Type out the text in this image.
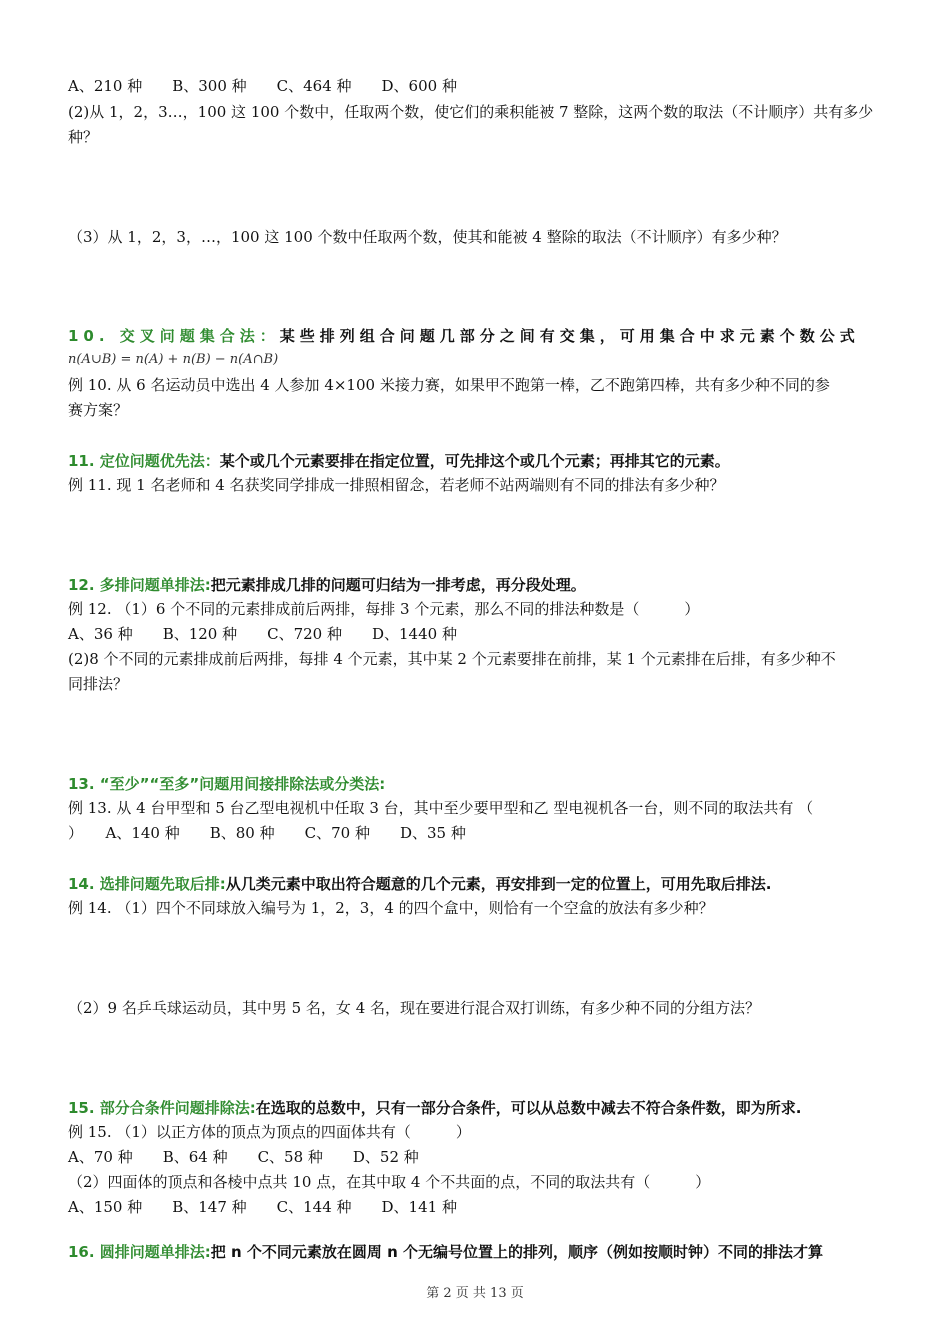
A、210 种　　B、300 种　　C、464 种　　D、600 种
(2)从 1，2，3…，100 这 100 个数中，任取两个数，使它们的乘积能被 7 整除，这两个数的取法（不计顺序）共有多少
种？
（3）从 1，2，3，…，100 这 100 个数中任取两个数，使其和能被 4 整除的取法（不计顺序）有多少种？
10. 交叉问题集合法：某些排列组合问题几部分之间有交集，可用集合中求元素个数公式
n(A∪B) = n(A) + n(B) − n(A∩B)
例 10. 从 6 名运动员中选出 4 人参加 4×100 米接力赛，如果甲不跑第一棒，乙不跑第四棒，共有多少种不同的参
赛方案？
11. 定位问题优先法：某个或几个元素要排在指定位置，可先排这个或几个元素；再排其它的元素。
例 11. 现 1 名老师和 4 名获奖同学排成一排照相留念，若老师不站两端则有不同的排法有多少种？
12. 多排问题单排法:把元素排成几排的问题可归结为一排考虑，再分段处理。
例 12. （1）6 个不同的元素排成前后两排，每排 3 个元素，那么不同的排法种数是（　　　）
A、36 种　　B、120 种　　C、720 种　　D、1440 种
(2)8 个不同的元素排成前后两排，每排 4 个元素，其中某 2 个元素要排在前排，某 1 个元素排在后排，有多少种不
同排法？
13. “至少”“至多”问题用间接排除法或分类法:
例 13. 从 4 台甲型和 5 台乙型电视机中任取 3 台，其中至少要甲型和乙 型电视机各一台，则不同的取法共有 （
）　　A、140 种　　B、80 种　　C、70 种　　D、35 种
14. 选排问题先取后排:从几类元素中取出符合题意的几个元素，再安排到一定的位置上，可用先取后排法.
例 14. （1）四个不同球放入编号为 1，2，3，4 的四个盒中，则恰有一个空盒的放法有多少种？
（2）9 名乒乓球运动员，其中男 5 名，女 4 名，现在要进行混合双打训练，有多少种不同的分组方法？
15. 部分合条件问题排除法:在选取的总数中，只有一部分合条件，可以从总数中减去不符合条件数，即为所求.
例 15. （1）以正方体的顶点为顶点的四面体共有（　　　）
A、70 种　　B、64 种　　C、58 种　　D、52 种
（2）四面体的顶点和各棱中点共 10 点，在其中取 4 个不共面的点，不同的取法共有（　　　）
A、150 种　　B、147 种　　C、144 种　　D、141 种
16. 圆排问题单排法:把 n 个不同元素放在圆周 n 个无编号位置上的排列，顺序（例如按顺时钟）不同的排法才算
第 2 页 共 13 页
